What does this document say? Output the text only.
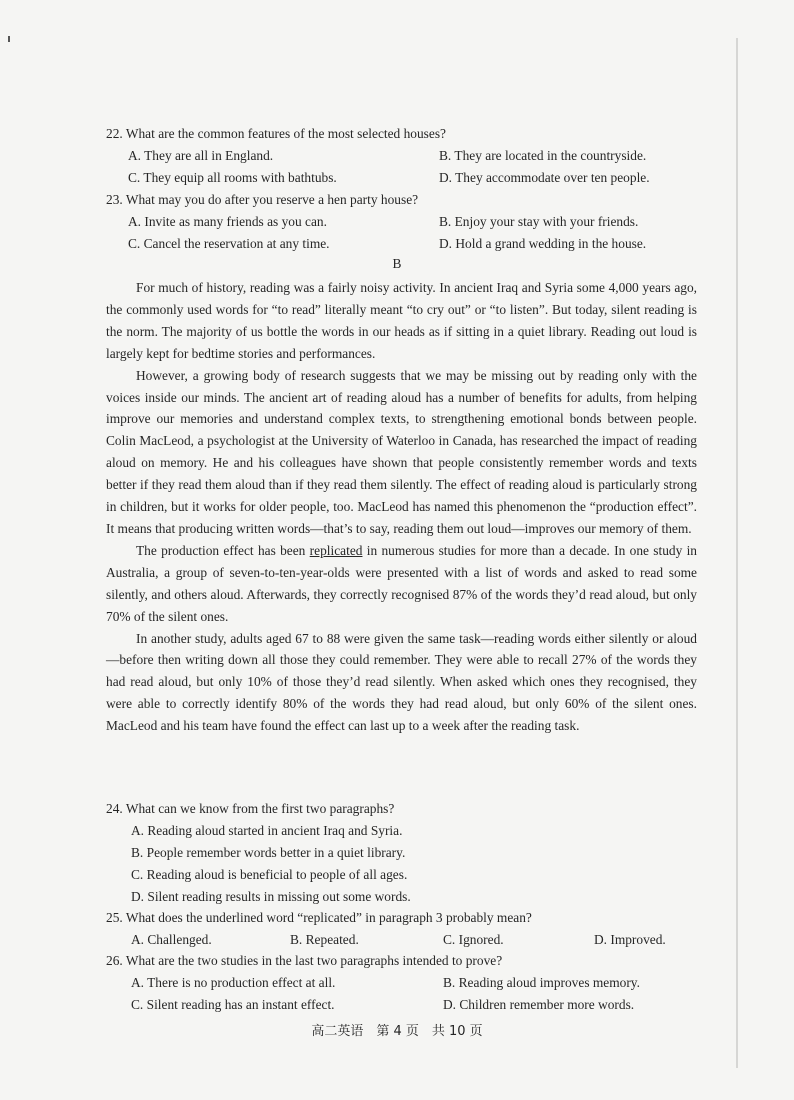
22. What are the common features of the most selected houses?
A. They are all in England.	B. They are located in the countryside.
C. They equip all rooms with bathtubs.	D. They accommodate over ten people.
23. What may you do after you reserve a hen party house?
A. Invite as many friends as you can.	B. Enjoy your stay with your friends.
C. Cancel the reservation at any time.	D. Hold a grand wedding in the house.
B

For much of history, reading was a fairly noisy activity. In ancient Iraq and Syria some 4,000 years ago, the commonly used words for “to read” literally meant “to cry out” or “to listen”. But today, silent reading is the norm. The majority of us bottle the words in our heads as if sitting in a quiet library. Reading out loud is largely kept for bedtime stories and performances.

However, a growing body of research suggests that we may be missing out by reading only with the voices inside our minds. The ancient art of reading aloud has a number of benefits for adults, from helping improve our memories and understand complex texts, to strengthening emotional bonds between people. Colin MacLeod, a psychologist at the University of Waterloo in Canada, has researched the impact of reading aloud on memory. He and his colleagues have shown that people consistently remember words and texts better if they read them aloud than if they read them silently. The effect of reading aloud is particularly strong in children, but it works for older people, too. MacLeod has named this phenomenon the “production effect”. It means that producing written words—that’s to say, reading them out loud—improves our memory of them.

The production effect has been replicated in numerous studies for more than a decade. In one study in Australia, a group of seven-to-ten-year-olds were presented with a list of words and asked to read some silently, and others aloud. Afterwards, they correctly recognised 87% of the words they’d read aloud, but only 70% of the silent ones.

In another study, adults aged 67 to 88 were given the same task—reading words either silently or aloud—before then writing down all those they could remember. They were able to recall 27% of the words they had read aloud, but only 10% of those they’d read silently. When asked which ones they recognised, they were able to correctly identify 80% of the words they had read aloud, but only 60% of the silent ones. MacLeod and his team have found the effect can last up to a week after the reading task.

24. What can we know from the first two paragraphs?
A. Reading aloud started in ancient Iraq and Syria.
B. People remember words better in a quiet library.
C. Reading aloud is beneficial to people of all ages.
D. Silent reading results in missing out some words.
25. What does the underlined word “replicated” in paragraph 3 probably mean?
A. Challenged.	B. Repeated.	C. Ignored.	D. Improved.
26. What are the two studies in the last two paragraphs intended to prove?
A. There is no production effect at all.	B. Reading aloud improves memory.
C. Silent reading has an instant effect.	D. Children remember more words.
高二英语　第 4 页　共 10 页
